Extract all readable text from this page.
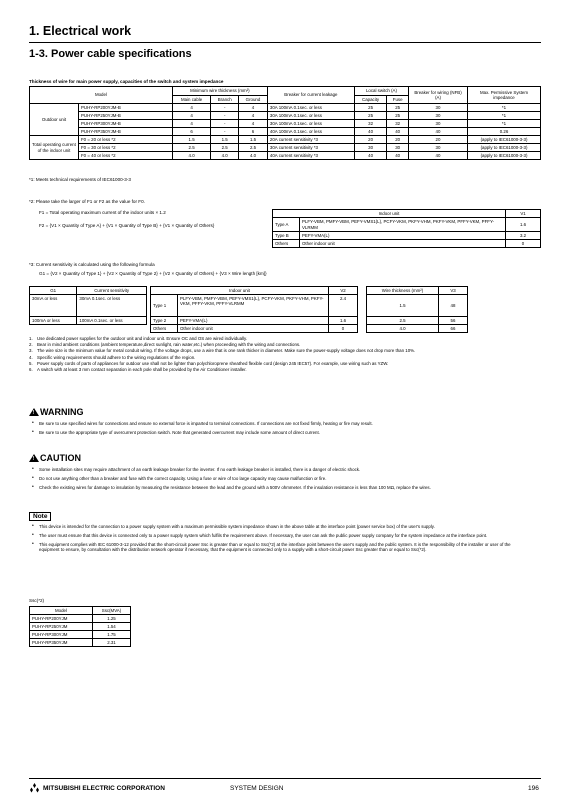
1. Electrical work
1-3. Power cable specifications
Thickness of wire for main power supply, capacities of the switch and system impedance
Model		Minimum wire thickness (mm²)			Breaker for current leakage	Local switch (A)		Breaker for wiring (NFB) (A)	Max. Permissive System impedance
		Main cable	Branch	Ground		Capacity	Fuse		
Outdoor unit	PUHY-RP200YJM-B	4	-	4	30A 100mA 0.1sec. or less	25	25	30	*1
	PUHY-RP250YJM-B	4	-	4	30A 100mA 0.1sec. or less	25	25	30	*1
	PUHY-RP300YJM-B	4	-	4	30A 100mA 0.1sec. or less	32	32	30	*1
	PUHY-RP350YJM-B	6	-	6	40A 100mA 0.1sec. or less	40	40	40	0.26
Total operating current of the indoor unit	F0 = 20 or less *2	1.5	1.5	1.5	20A current sensitivity *3	20	20	20	(apply to IEC61000-3-3)
	F0 = 30 or less *2	2.5	2.5	2.5	30A current sensitivity *3	30	30	30	(apply to IEC61000-3-3)
	F0 = 40 or less *2	4.0	4.0	4.0	40A current sensitivity *3	40	40	40	(apply to IEC61000-3-3)
*1: Meets technical requirements of IEC61000-3-3
*2: Please take the larger of F1 or F2 as the value for F0.
F1 = Total operating maximum current of the indoor units × 1.2
F2 = {V1 × Quantity of Type A} + {V1 × Quantity of Type B} + {V1 × Quantity of Others}
Indoor unit		V1
Type A	PLFY-VBM, PMFY-VBM, PEFY-VMS1(L), PCFY-VKM, PKFY-VHM, PKFY-VKM, PFFY-VKM, PFFY-VLRMM	1.6
Type B	PEFY-VMA(L)	3.2
Others	Other indoor unit	0
*3: Current sensitivity is calculated using the following formula
G1 = {V2 × Quantity of Type 1} + {V2 × Quantity of Type 2} + {V2 × Quantity of Others} + {V3 × Wire length [km]}
G1	Current sensitivity
30mA or less	30mA 0.1sec. or less
100mA or less	100mA 0.1sec. or less
Indoor unit		V2
Type 1	PLFY-VBM, PMFY-VBM, PEFY-VMS1(L), PCFY-VKM, PKFY-VHM, PKFY-VKM, PFFY-VKM, PFFY-VLRMM	2.4
Type 2	PEFY-VMA(L)	1.6
Others	Other indoor unit	0
Wire thickness (mm²)	V3
1.5	48
2.5	56
4.0	66
1. Use dedicated power supplies for the outdoor unit and indoor unit. Ensure OC and OS are wired individually.
2. Bear in mind ambient conditions (ambient temperature,direct sunlight, rain water,etc.) when proceeding with the wiring and connections.
3. The wire size is the minimum value for metal conduit wiring. If the voltage drops, use a wire that is one rank thicker in diameter. Make sure the power-supply voltage does not drop more than 10%.
4. Specific wiring requirements should adhere to the wiring regulations of the region.
5. Power supply cords of parts of appliances for outdoor use shall not be lighter than polychloroprene sheathed flexible cord (design 245 IEC57). For example, use wiring such as YZW.
6. A switch with at least 3 mm contact separation in each pole shall be provided by the Air Conditioner installer.
!WARNING
• Be sure to use specified wires for connections and ensure no external force is imparted to terminal connections. If connections are not fixed firmly, heating or fire may result.
• Be sure to use the appropriate type of overcurrent protection switch. Note that generated overcurrent may include some amount of direct current.
!CAUTION
• Some installation sites may require attachment of an earth leakage breaker for the inverter. If no earth leakage breaker is installed, there is a danger of electric shock.
• Do not use anything other than a breaker and fuse with the correct capacity. Using a fuse or wire of too large capacity may cause malfunction or fire.
• Check the existing wires for damage to insulation by measuring the resistance between the lead and the ground with a 500V ohmmeter. If the insulation resistance is less than 100 MΩ, replace the wires.
Note
• This device is intended for the connection to a power supply system with a maximum permissible system impedance shown in the above table at the interface point (power service box) of the user's supply.
• The user must ensure that this device is connected only to a power supply system which fulfils the requirement above. If necessary, the user can ask the public power supply company for the system impedance at the interface point.
• This equipment complies with IEC 61000-3-12 provided that the short-circuit power Ssc is greater than or equal to Ssc(*2) at the interface point between the user's supply and the public system. It is the responsibility of the installer or user of the equipment to ensure, by consultation with the distribution network operator if necessary, that the equipment is connected only to a supply with a short-circuit power Ssc greater than or equal to Ssc(*2).
Ssc(*2)
Model	Ssc(MVA)
PUHY-RP200YJM	1.25
PUHY-RP250YJM	1.54
PUHY-RP300YJM	1.75
PUHY-RP350YJM	2.31
MITSUBISHI ELECTRIC CORPORATION	SYSTEM DESIGN	196
